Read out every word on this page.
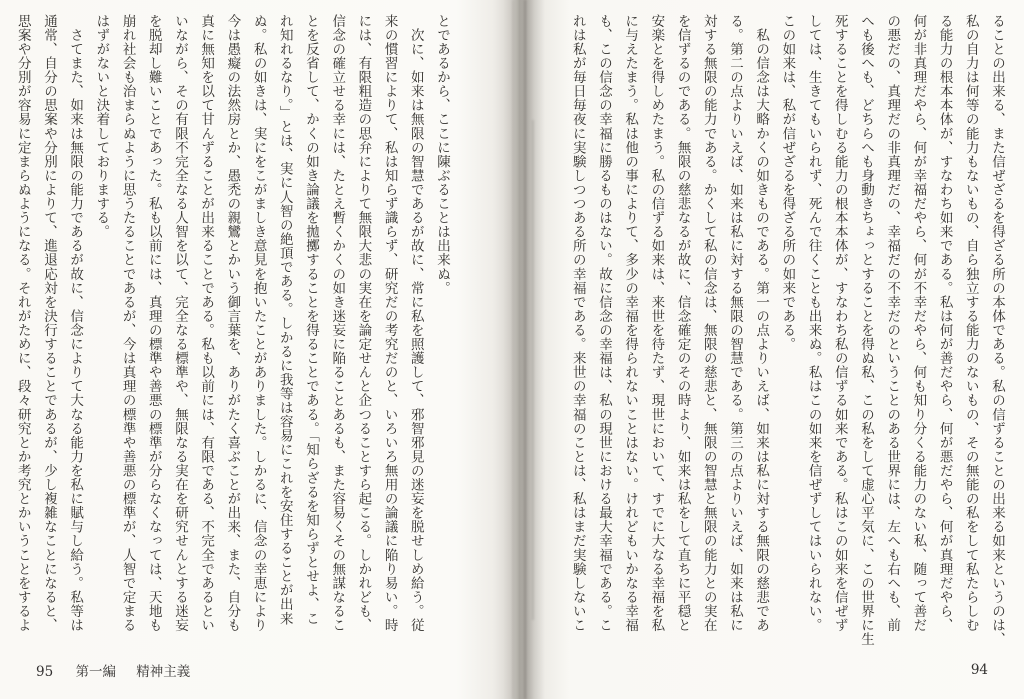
ることの出来る、また信ぜざるを得ざる所の本体である。私の信ずることの出来る如来というのは、
私の自力は何等の能力もないもの、自ら独立する能力のないもの、その無能の私をして私たらしむ
る能力の根本本体が、すなわち如来である。私は何が善だやら、何が悪だやら、何が真理だやら、
何が非真理だやら、何が幸福だやら、何が不幸だやら、何も知り分くる能力のない私、随って善だ
の悪だの、真理だの非真理だの、幸福だの不幸だのということのある世界には、左へも右へも、前
へも後へも、どちらへも身動きちょっとすることを得ぬ私、この私をして虚心平気に、この世界に生
死することを得しむる能力の根本本体が、すなわち私の信ずる如来である。私はこの如来を信ぜず
しては、生きてもいられず、死んで往くことも出来ぬ。私はこの如来を信ぜずしてはいられない。
この如来は、私が信ぜざるを得ざる所の如来である。
　私の信念は大略かくの如きものである。第一の点よりいえば、如来は私に対する無限の慈悲であ
る。第二の点よりいえば、如来は私に対する無限の智慧である。第三の点よりいえば、如来は私に
対する無限の能力である。かくして私の信念は、無限の慈悲と、無限の智慧と無限の能力との実在
を信ずるのである。無限の慈悲なるが故に、信念確定のその時より、如来は私をして直ちに平穏と
安楽とを得しめたまう。私の信ずる如来は、来世を待たず、現世において、すでに大なる幸福を私
に与えたまう。私は他の事によりて、多少の幸福を得られないことはない。けれどもいかなる幸福
も、この信念の幸福に勝るものはない。故に信念の幸福は、私の現世における最大幸福である。こ
れは私が毎日毎夜に実験しつつある所の幸福である。来世の幸福のことは、私はまだ実験しないこ
94
とであるから、ここに陳ぶることは出来ぬ。
　次に、如来は無限の智慧であるが故に、常に私を照護して、邪智邪見の迷妄を脱せしめ給う。従
来の慣習によりて、私は知らず識らず、研究だの考究だのと、いろいろ無用の論議に陥り易い。時
には、有限粗造の思弁によりて無限大悲の実在を論定せんと企つることすら起こる。しかれども、
信念の確立せる幸には、たとえ暫くかくの如き迷妄に陥ることあるも、また容易くその無謀なるこ
とを反省して、かくの如き論議を拋擲することを得ることである。「知らざるを知らずとせよ、こ
れ知れるなり。」とは、実に人智の絶頂である。しかるに我等は容易にこれを安住することが出来
ぬ。私の如きは、実にをこがましき意見を抱いたことがありました。しかるに、信念の幸恵により
今は愚癡の法然房とか、愚禿の親鸞とかいう御言葉を、ありがたく喜ぶことが出来、また、自分も
真に無知を以て甘んずることが出来ることである。私も以前には、有限である、不完全であるとい
いながら、その有限不完全なる人智を以て、完全なる標準や、無限なる実在を研究せんとする迷妄
を脱却し難いことであった。私も以前には、真理の標準や善悪の標準が分らなくなっては、天地も
崩れ社会も治まらぬように思うたることであるが、今は真理の標準や善悪の標準が、人智で定まる
はずがないと決着しておりまする。
　さてまた、如来は無限の能力であるが故に、信念によりて大なる能力を私に賦与し給う。私等は
通常、自分の思案や分別によりて、進退応対を決行することであるが、少し複雑なことになると、
思案や分別が容易に定まらぬようになる。それがために、段々研究とか考究とかいうことをするよ
95 第一編 精神主義
